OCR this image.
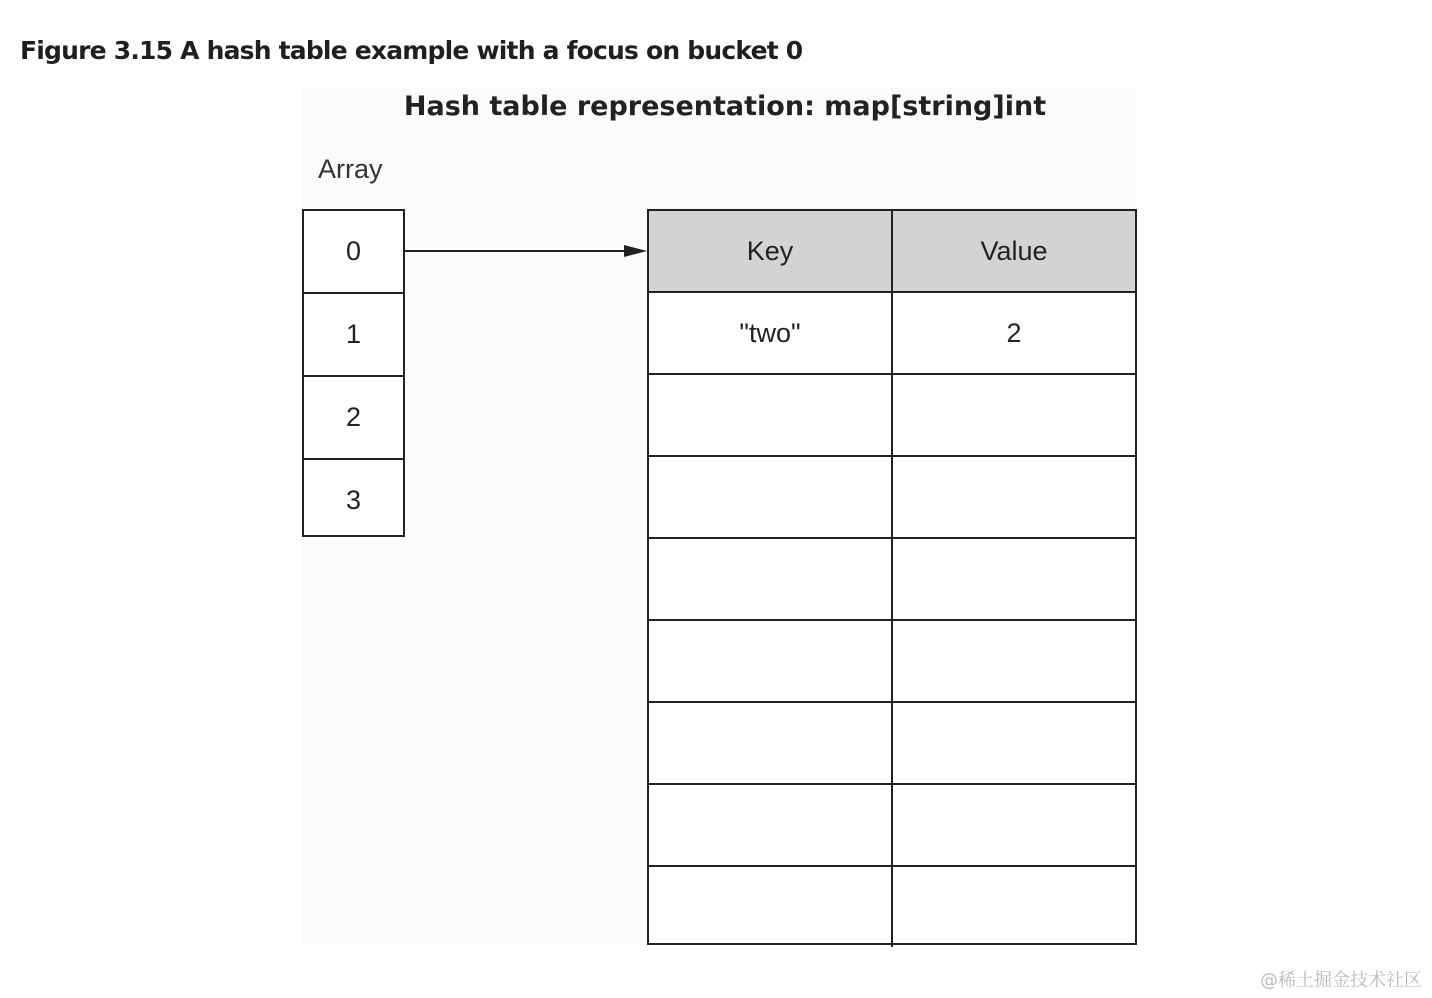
Figure 3.15 A hash table example with a focus on bucket 0
Hash table representation: map[string]int
Array
0
1
2
3
Key	Value
"two"	2
@稀土掘金技术社区
